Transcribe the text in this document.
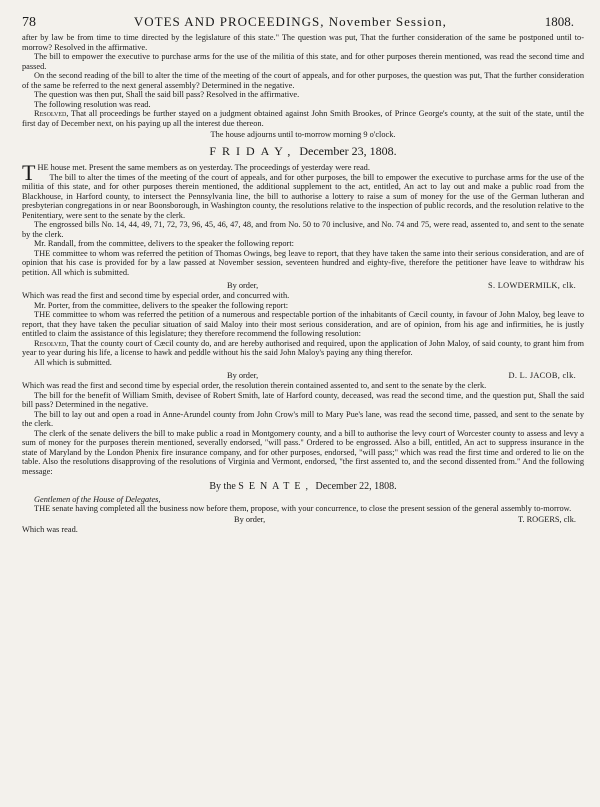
78	VOTES AND PROCEEDINGS, November Session,	1808.

after by law be from time to time directed by the legislature of this state." The question was put, That the further consideration of the same be postponed until to-morrow? Resolved in the affirmative.

The bill to empower the executive to purchase arms for the use of the militia of this state, and for other purposes therein mentioned, was read the second time and passed.

On the second reading of the bill to alter the time of the meeting of the court of appeals, and for other purposes, the question was put, That the further consideration of the same be referred to the next general assembly? Determined in the negative.

The question was then put, Shall the said bill pass? Resolved in the affirmative.

The following resolution was read.

Resolved, That all proceedings be further stayed on a judgment obtained against John Smith Brookes, of Prince George's county, at the suit of the state, until the first day of December next, on his paying up all the interest due thereon.

The house adjourns until to-morrow morning 9 o'clock.

FRIDAY, December 23, 1808.

THE house met. Present the same members as on yesterday. The proceedings of yesterday were read.

The bill to alter the times of the meeting of the court of appeals, and for other purposes, the bill to empower the executive to purchase arms for the use of the militia of this state, and for other purposes therein mentioned, the additional supplement to the act, entitled, An act to lay out and make a public road from the Blackhouse, in Harford county, to intersect the Pennsylvania line, the bill to authorise a lottery to raise a sum of money for the use of the German lutheran and presbyterian congregations in or near Boonsborough, in Washington county, the resolutions relative to the inspection of public records, and the resolution relative to the Penitentiary, were sent to the senate by the clerk.

The engrossed bills No. 14, 44, 49, 71, 72, 73, 96, 45, 46, 47, 48, and from No. 50 to 70 inclusive, and No. 74 and 75, were read, assented to, and sent to the senate by the clerk.

Mr. Randall, from the committee, delivers to the speaker the following report:

THE committee to whom was referred the petition of Thomas Owings, beg leave to report, that they have taken the same into their serious consideration, and are of opinion that his case is provided for by a law passed at November session, seventeen hundred and eighty-five, therefore the petitioner have leave to withdraw his petition. All which is submitted.

By order,	S. LOWDERMILK, clk.

Which was read the first and second time by especial order, and concurred with.

Mr. Porter, from the committee, delivers to the speaker the following report:

THE committee to whom was referred the petition of a numerous and respectable portion of the inhabitants of Cæcil county, in favour of John Maloy, beg leave to report, that they have taken the peculiar situation of said Maloy into their most serious consideration, and are of opinion, from his age and infirmities, he is justly entitled to claim the assistance of this legislature; they therefore recommend the following resolution:

Resolved, That the county court of Cæcil county do, and are hereby authorised and required, upon the application of John Maloy, of said county, to grant him from year to year during his life, a license to hawk and peddle without his the said John Maloy's paying any thing therefor.

All which is submitted.

By order,	D. L. JACOB, clk.

Which was read the first and second time by especial order, the resolution therein contained assented to, and sent to the senate by the clerk.

The bill for the benefit of William Smith, devisee of Robert Smith, late of Harford county, deceased, was read the second time, and the question put, Shall the said bill pass? Determined in the negative.

The bill to lay out and open a road in Anne-Arundel county from John Crow's mill to Mary Pue's lane, was read the second time, passed, and sent to the senate by the clerk.

The clerk of the senate delivers the bill to make public a road in Montgomery county, and a bill to authorise the levy court of Worcester county to assess and levy a sum of money for the purposes therein mentioned, severally endorsed, "will pass." Ordered to be engrossed. Also a bill, entitled, An act to suppress insurance in the state of Maryland by the London Phenix fire insurance company, and for other purposes, endorsed, "will pass;" which was read the first time and ordered to lie on the table. Also the resolutions disapproving of the resolutions of Virginia and Vermont, endorsed, "the first assented to, and the second dissented from." And the following message:

By the SENATE, December 22, 1808.

Gentlemen of the House of Delegates,

THE senate having completed all the business now before them, propose, with your concurrence, to close the present session of the general assembly to-morrow.

By order,	T. ROGERS, clk.

Which was read.
